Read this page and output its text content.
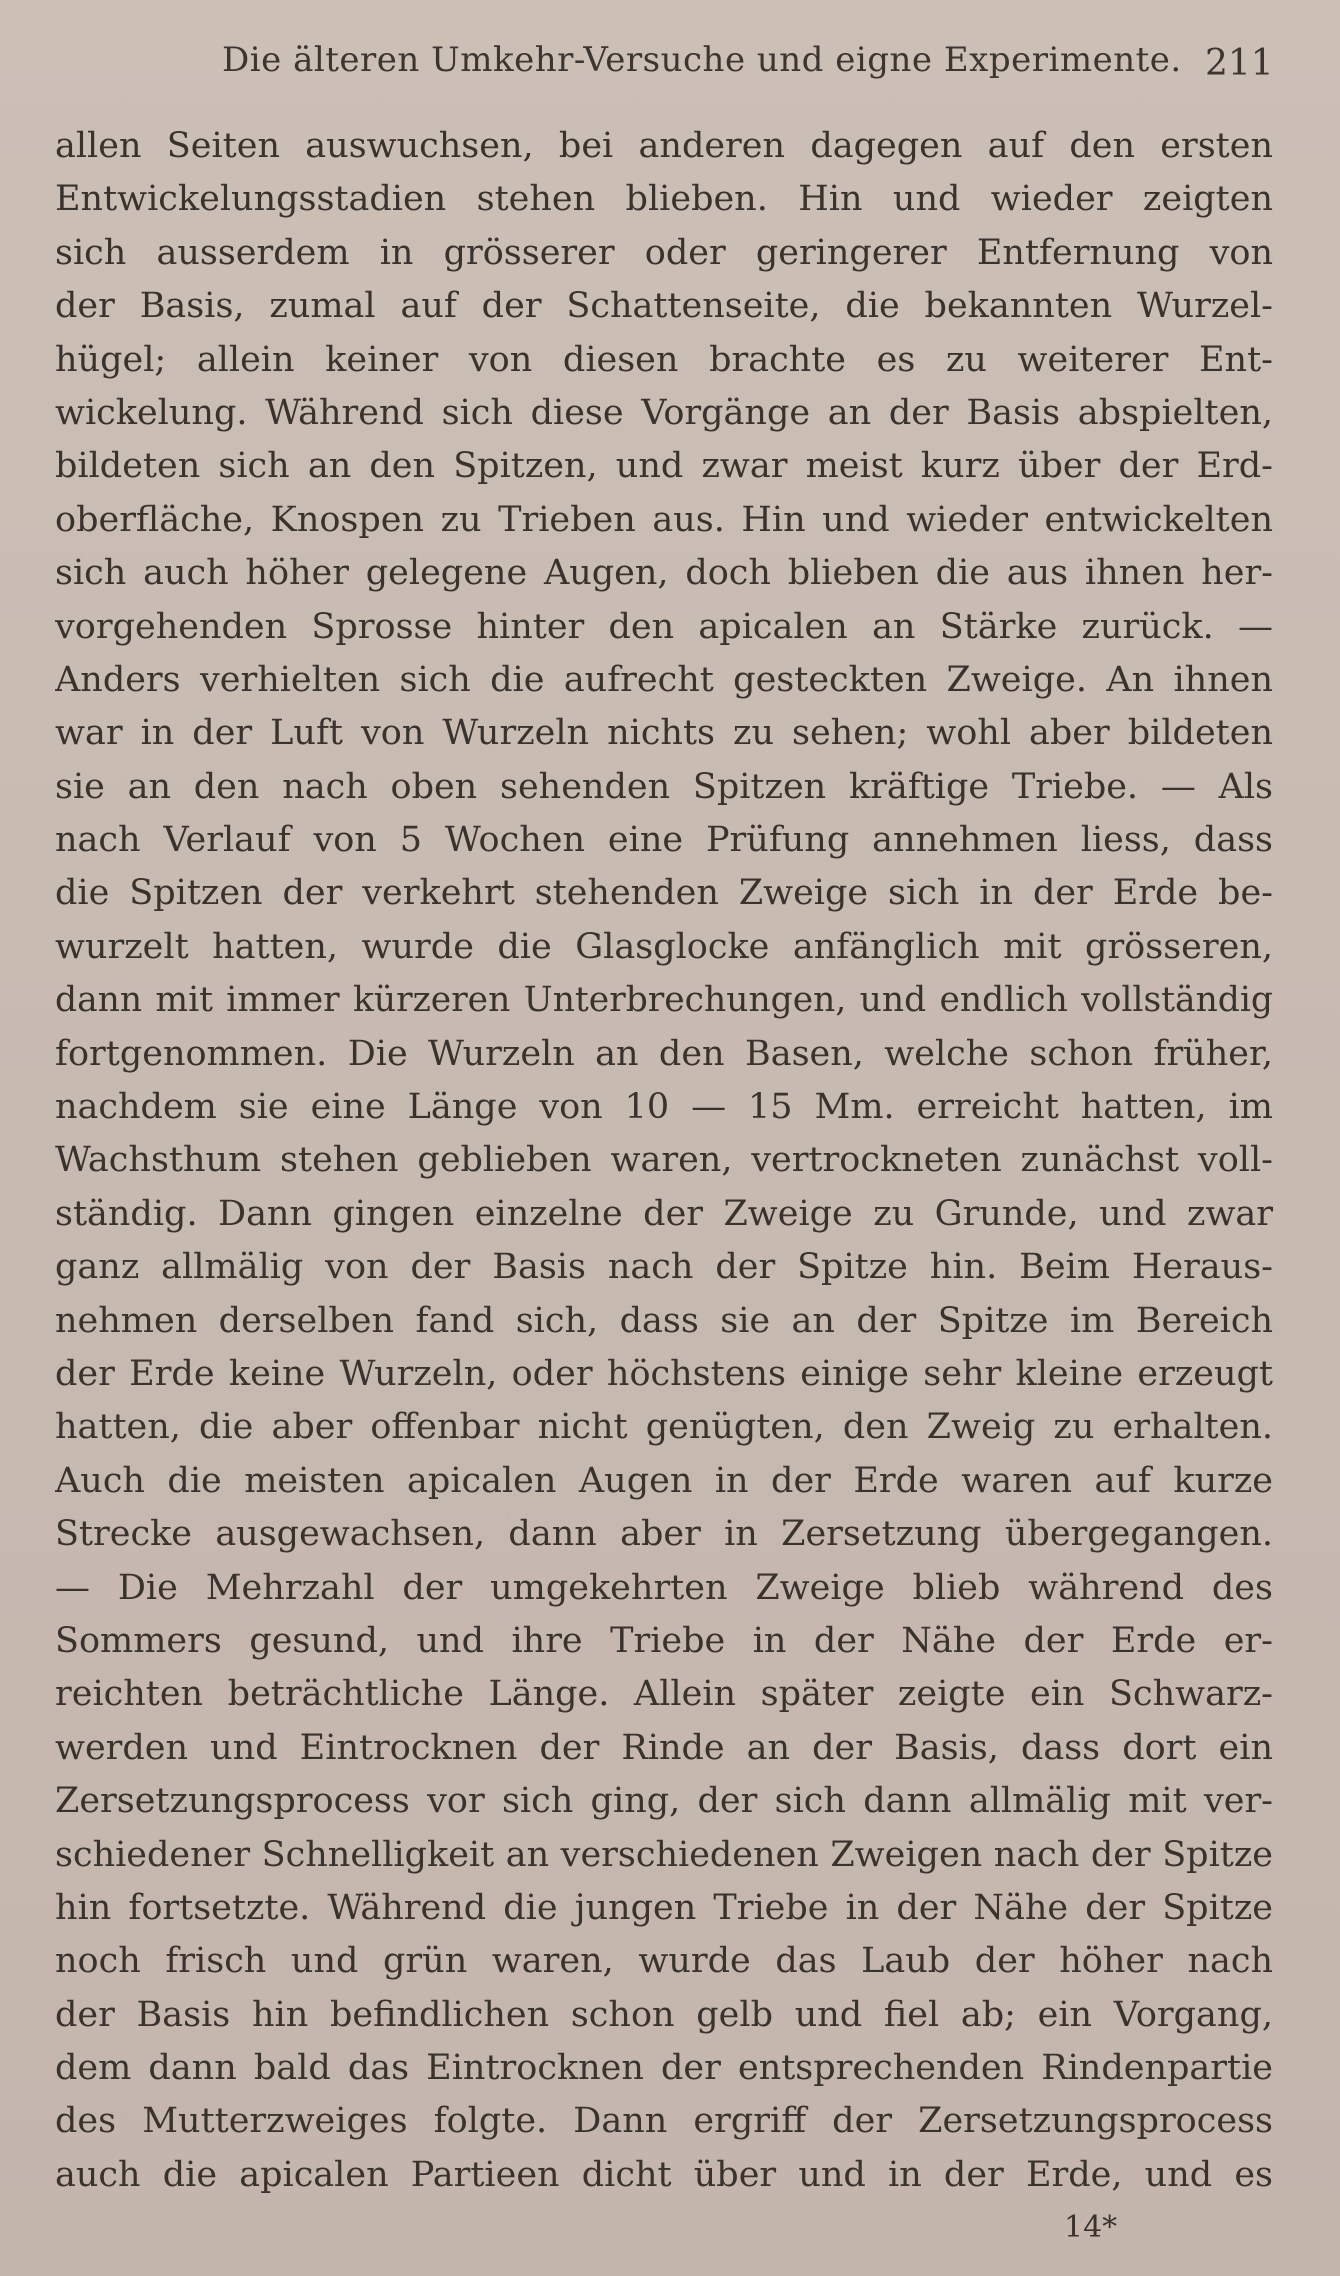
Die älteren Umkehr-Versuche und eigne Experimente. 211
allen Seiten auswuchsen, bei anderen dagegen auf den ersten
Entwickelungsstadien stehen blieben. Hin und wieder zeigten
sich ausserdem in grösserer oder geringerer Entfernung von
der Basis, zumal auf der Schattenseite, die bekannten Wurzel-
hügel; allein keiner von diesen brachte es zu weiterer Ent-
wickelung. Während sich diese Vorgänge an der Basis abspielten,
bildeten sich an den Spitzen, und zwar meist kurz über der Erd-
oberfläche, Knospen zu Trieben aus. Hin und wieder entwickelten
sich auch höher gelegene Augen, doch blieben die aus ihnen her-
vorgehenden Sprosse hinter den apicalen an Stärke zurück. —
Anders verhielten sich die aufrecht gesteckten Zweige. An ihnen
war in der Luft von Wurzeln nichts zu sehen; wohl aber bildeten
sie an den nach oben sehenden Spitzen kräftige Triebe. — Als
nach Verlauf von 5 Wochen eine Prüfung annehmen liess, dass
die Spitzen der verkehrt stehenden Zweige sich in der Erde be-
wurzelt hatten, wurde die Glasglocke anfänglich mit grösseren,
dann mit immer kürzeren Unterbrechungen, und endlich vollständig
fortgenommen. Die Wurzeln an den Basen, welche schon früher,
nachdem sie eine Länge von 10 — 15 Mm. erreicht hatten, im
Wachsthum stehen geblieben waren, vertrockneten zunächst voll-
ständig. Dann gingen einzelne der Zweige zu Grunde, und zwar
ganz allmälig von der Basis nach der Spitze hin. Beim Heraus-
nehmen derselben fand sich, dass sie an der Spitze im Bereich
der Erde keine Wurzeln, oder höchstens einige sehr kleine erzeugt
hatten, die aber offenbar nicht genügten, den Zweig zu erhalten.
Auch die meisten apicalen Augen in der Erde waren auf kurze
Strecke ausgewachsen, dann aber in Zersetzung übergegangen.
— Die Mehrzahl der umgekehrten Zweige blieb während des
Sommers gesund, und ihre Triebe in der Nähe der Erde er-
reichten beträchtliche Länge. Allein später zeigte ein Schwarz-
werden und Eintrocknen der Rinde an der Basis, dass dort ein
Zersetzungsprocess vor sich ging, der sich dann allmälig mit ver-
schiedener Schnelligkeit an verschiedenen Zweigen nach der Spitze
hin fortsetzte. Während die jungen Triebe in der Nähe der Spitze
noch frisch und grün waren, wurde das Laub der höher nach
der Basis hin befindlichen schon gelb und fiel ab; ein Vorgang,
dem dann bald das Eintrocknen der entsprechenden Rindenpartie
des Mutterzweiges folgte. Dann ergriff der Zersetzungsprocess
auch die apicalen Partieen dicht über und in der Erde, und es
14*
